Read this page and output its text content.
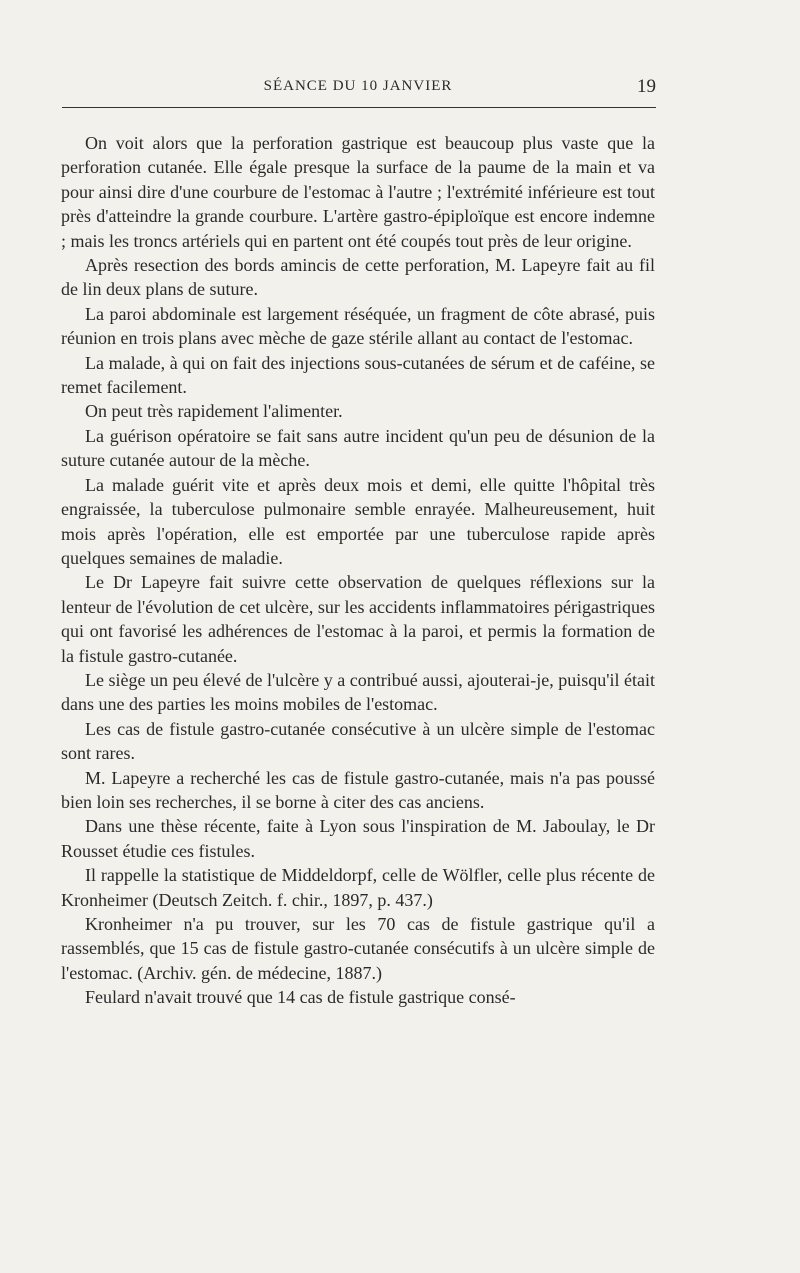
SÉANCE DU 10 JANVIER	19

On voit alors que la perforation gastrique est beaucoup plus vaste que la perforation cutanée. Elle égale presque la surface de la paume de la main et va pour ainsi dire d'une courbure de l'estomac à l'autre ; l'extrémité inférieure est tout près d'atteindre la grande courbure. L'artère gastro-épiploïque est encore indemne ; mais les troncs artériels qui en partent ont été coupés tout près de leur origine.

Après resection des bords amincis de cette perforation, M. Lapeyre fait au fil de lin deux plans de suture.

La paroi abdominale est largement réséquée, un fragment de côte abrasé, puis réunion en trois plans avec mèche de gaze stérile allant au contact de l'estomac.

La malade, à qui on fait des injections sous-cutanées de sérum et de caféine, se remet facilement.

On peut très rapidement l'alimenter.

La guérison opératoire se fait sans autre incident qu'un peu de désunion de la suture cutanée autour de la mèche.

La malade guérit vite et après deux mois et demi, elle quitte l'hôpital très engraissée, la tuberculose pulmonaire semble enrayée. Malheureusement, huit mois après l'opération, elle est emportée par une tuberculose rapide après quelques semaines de maladie.

Le Dr Lapeyre fait suivre cette observation de quelques réflexions sur la lenteur de l'évolution de cet ulcère, sur les accidents inflammatoires périgastriques qui ont favorisé les adhérences de l'estomac à la paroi, et permis la formation de la fistule gastro-cutanée.

Le siège un peu élevé de l'ulcère y a contribué aussi, ajouterai-je, puisqu'il était dans une des parties les moins mobiles de l'estomac.

Les cas de fistule gastro-cutanée consécutive à un ulcère simple de l'estomac sont rares.

M. Lapeyre a recherché les cas de fistule gastro-cutanée, mais n'a pas poussé bien loin ses recherches, il se borne à citer des cas anciens.

Dans une thèse récente, faite à Lyon sous l'inspiration de M. Jaboulay, le Dr Rousset étudie ces fistules.

Il rappelle la statistique de Middeldorpf, celle de Wölfler, celle plus récente de Kronheimer (Deutsch Zeitch. f. chir., 1897, p. 437.)

Kronheimer n'a pu trouver, sur les 70 cas de fistule gastrique qu'il a rassemblés, que 15 cas de fistule gastro-cutanée consécutifs à un ulcère simple de l'estomac. (Archiv. gén. de médecine, 1887.)

Feulard n'avait trouvé que 14 cas de fistule gastrique consé-
